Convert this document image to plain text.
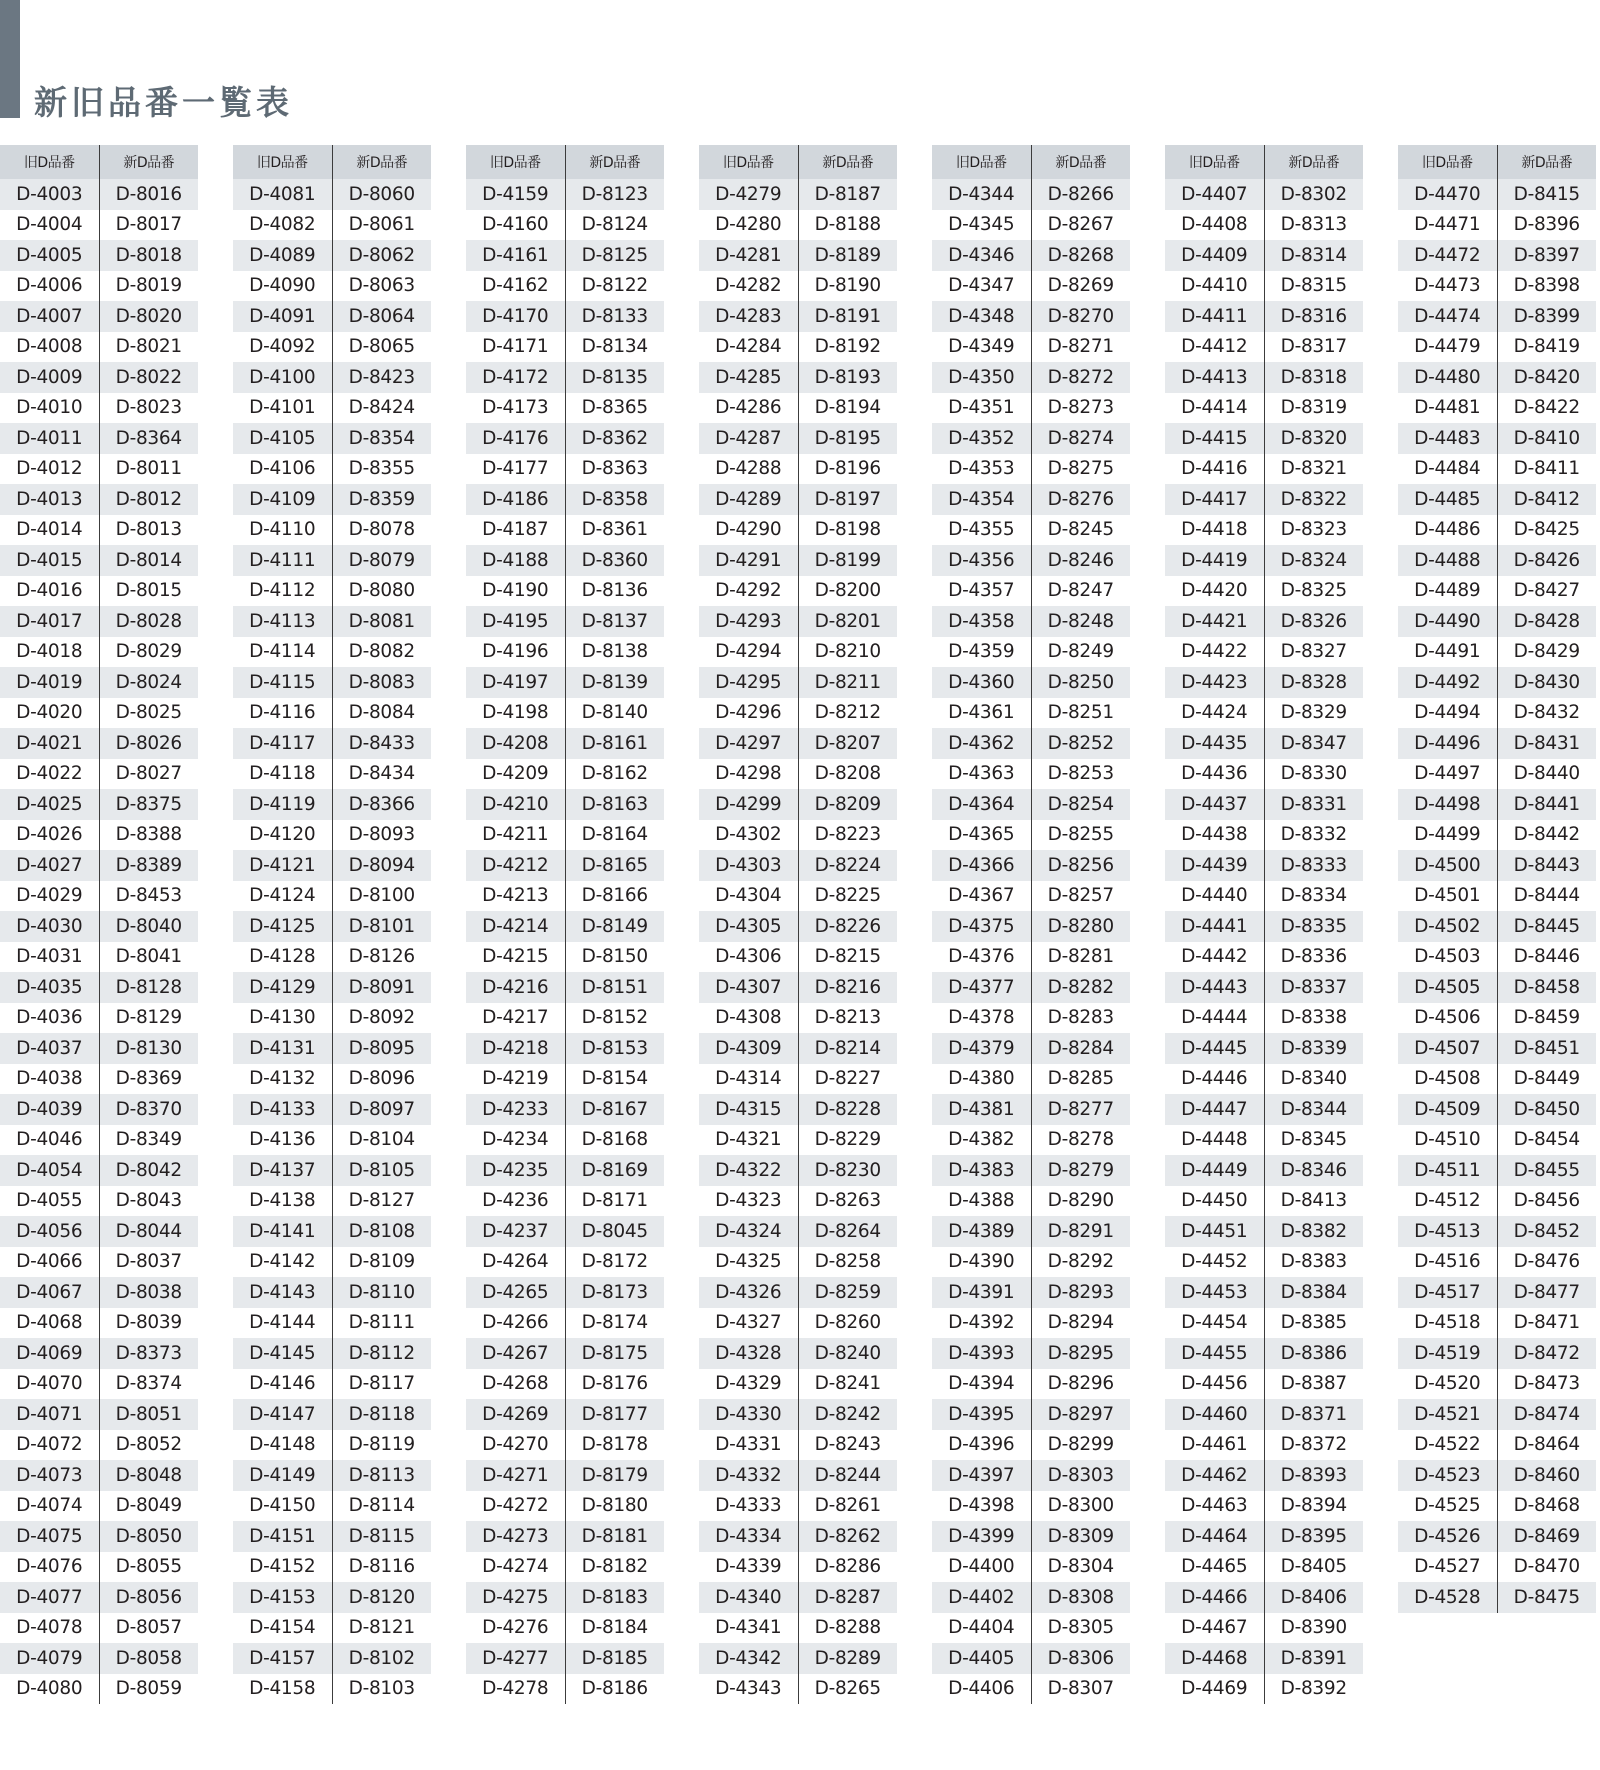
新旧品番一覧表
旧D品番	新D品番
D-4003	D-8016
D-4004	D-8017
D-4005	D-8018
D-4006	D-8019
D-4007	D-8020
D-4008	D-8021
D-4009	D-8022
D-4010	D-8023
D-4011	D-8364
D-4012	D-8011
D-4013	D-8012
D-4014	D-8013
D-4015	D-8014
D-4016	D-8015
D-4017	D-8028
D-4018	D-8029
D-4019	D-8024
D-4020	D-8025
D-4021	D-8026
D-4022	D-8027
D-4025	D-8375
D-4026	D-8388
D-4027	D-8389
D-4029	D-8453
D-4030	D-8040
D-4031	D-8041
D-4035	D-8128
D-4036	D-8129
D-4037	D-8130
D-4038	D-8369
D-4039	D-8370
D-4046	D-8349
D-4054	D-8042
D-4055	D-8043
D-4056	D-8044
D-4066	D-8037
D-4067	D-8038
D-4068	D-8039
D-4069	D-8373
D-4070	D-8374
D-4071	D-8051
D-4072	D-8052
D-4073	D-8048
D-4074	D-8049
D-4075	D-8050
D-4076	D-8055
D-4077	D-8056
D-4078	D-8057
D-4079	D-8058
D-4080	D-8059
旧D品番	新D品番
D-4081	D-8060
D-4082	D-8061
D-4089	D-8062
D-4090	D-8063
D-4091	D-8064
D-4092	D-8065
D-4100	D-8423
D-4101	D-8424
D-4105	D-8354
D-4106	D-8355
D-4109	D-8359
D-4110	D-8078
D-4111	D-8079
D-4112	D-8080
D-4113	D-8081
D-4114	D-8082
D-4115	D-8083
D-4116	D-8084
D-4117	D-8433
D-4118	D-8434
D-4119	D-8366
D-4120	D-8093
D-4121	D-8094
D-4124	D-8100
D-4125	D-8101
D-4128	D-8126
D-4129	D-8091
D-4130	D-8092
D-4131	D-8095
D-4132	D-8096
D-4133	D-8097
D-4136	D-8104
D-4137	D-8105
D-4138	D-8127
D-4141	D-8108
D-4142	D-8109
D-4143	D-8110
D-4144	D-8111
D-4145	D-8112
D-4146	D-8117
D-4147	D-8118
D-4148	D-8119
D-4149	D-8113
D-4150	D-8114
D-4151	D-8115
D-4152	D-8116
D-4153	D-8120
D-4154	D-8121
D-4157	D-8102
D-4158	D-8103
旧D品番	新D品番
D-4159	D-8123
D-4160	D-8124
D-4161	D-8125
D-4162	D-8122
D-4170	D-8133
D-4171	D-8134
D-4172	D-8135
D-4173	D-8365
D-4176	D-8362
D-4177	D-8363
D-4186	D-8358
D-4187	D-8361
D-4188	D-8360
D-4190	D-8136
D-4195	D-8137
D-4196	D-8138
D-4197	D-8139
D-4198	D-8140
D-4208	D-8161
D-4209	D-8162
D-4210	D-8163
D-4211	D-8164
D-4212	D-8165
D-4213	D-8166
D-4214	D-8149
D-4215	D-8150
D-4216	D-8151
D-4217	D-8152
D-4218	D-8153
D-4219	D-8154
D-4233	D-8167
D-4234	D-8168
D-4235	D-8169
D-4236	D-8171
D-4237	D-8045
D-4264	D-8172
D-4265	D-8173
D-4266	D-8174
D-4267	D-8175
D-4268	D-8176
D-4269	D-8177
D-4270	D-8178
D-4271	D-8179
D-4272	D-8180
D-4273	D-8181
D-4274	D-8182
D-4275	D-8183
D-4276	D-8184
D-4277	D-8185
D-4278	D-8186
旧D品番	新D品番
D-4279	D-8187
D-4280	D-8188
D-4281	D-8189
D-4282	D-8190
D-4283	D-8191
D-4284	D-8192
D-4285	D-8193
D-4286	D-8194
D-4287	D-8195
D-4288	D-8196
D-4289	D-8197
D-4290	D-8198
D-4291	D-8199
D-4292	D-8200
D-4293	D-8201
D-4294	D-8210
D-4295	D-8211
D-4296	D-8212
D-4297	D-8207
D-4298	D-8208
D-4299	D-8209
D-4302	D-8223
D-4303	D-8224
D-4304	D-8225
D-4305	D-8226
D-4306	D-8215
D-4307	D-8216
D-4308	D-8213
D-4309	D-8214
D-4314	D-8227
D-4315	D-8228
D-4321	D-8229
D-4322	D-8230
D-4323	D-8263
D-4324	D-8264
D-4325	D-8258
D-4326	D-8259
D-4327	D-8260
D-4328	D-8240
D-4329	D-8241
D-4330	D-8242
D-4331	D-8243
D-4332	D-8244
D-4333	D-8261
D-4334	D-8262
D-4339	D-8286
D-4340	D-8287
D-4341	D-8288
D-4342	D-8289
D-4343	D-8265
旧D品番	新D品番
D-4344	D-8266
D-4345	D-8267
D-4346	D-8268
D-4347	D-8269
D-4348	D-8270
D-4349	D-8271
D-4350	D-8272
D-4351	D-8273
D-4352	D-8274
D-4353	D-8275
D-4354	D-8276
D-4355	D-8245
D-4356	D-8246
D-4357	D-8247
D-4358	D-8248
D-4359	D-8249
D-4360	D-8250
D-4361	D-8251
D-4362	D-8252
D-4363	D-8253
D-4364	D-8254
D-4365	D-8255
D-4366	D-8256
D-4367	D-8257
D-4375	D-8280
D-4376	D-8281
D-4377	D-8282
D-4378	D-8283
D-4379	D-8284
D-4380	D-8285
D-4381	D-8277
D-4382	D-8278
D-4383	D-8279
D-4388	D-8290
D-4389	D-8291
D-4390	D-8292
D-4391	D-8293
D-4392	D-8294
D-4393	D-8295
D-4394	D-8296
D-4395	D-8297
D-4396	D-8299
D-4397	D-8303
D-4398	D-8300
D-4399	D-8309
D-4400	D-8304
D-4402	D-8308
D-4404	D-8305
D-4405	D-8306
D-4406	D-8307
旧D品番	新D品番
D-4407	D-8302
D-4408	D-8313
D-4409	D-8314
D-4410	D-8315
D-4411	D-8316
D-4412	D-8317
D-4413	D-8318
D-4414	D-8319
D-4415	D-8320
D-4416	D-8321
D-4417	D-8322
D-4418	D-8323
D-4419	D-8324
D-4420	D-8325
D-4421	D-8326
D-4422	D-8327
D-4423	D-8328
D-4424	D-8329
D-4435	D-8347
D-4436	D-8330
D-4437	D-8331
D-4438	D-8332
D-4439	D-8333
D-4440	D-8334
D-4441	D-8335
D-4442	D-8336
D-4443	D-8337
D-4444	D-8338
D-4445	D-8339
D-4446	D-8340
D-4447	D-8344
D-4448	D-8345
D-4449	D-8346
D-4450	D-8413
D-4451	D-8382
D-4452	D-8383
D-4453	D-8384
D-4454	D-8385
D-4455	D-8386
D-4456	D-8387
D-4460	D-8371
D-4461	D-8372
D-4462	D-8393
D-4463	D-8394
D-4464	D-8395
D-4465	D-8405
D-4466	D-8406
D-4467	D-8390
D-4468	D-8391
D-4469	D-8392
旧D品番	新D品番
D-4470	D-8415
D-4471	D-8396
D-4472	D-8397
D-4473	D-8398
D-4474	D-8399
D-4479	D-8419
D-4480	D-8420
D-4481	D-8422
D-4483	D-8410
D-4484	D-8411
D-4485	D-8412
D-4486	D-8425
D-4488	D-8426
D-4489	D-8427
D-4490	D-8428
D-4491	D-8429
D-4492	D-8430
D-4494	D-8432
D-4496	D-8431
D-4497	D-8440
D-4498	D-8441
D-4499	D-8442
D-4500	D-8443
D-4501	D-8444
D-4502	D-8445
D-4503	D-8446
D-4505	D-8458
D-4506	D-8459
D-4507	D-8451
D-4508	D-8449
D-4509	D-8450
D-4510	D-8454
D-4511	D-8455
D-4512	D-8456
D-4513	D-8452
D-4516	D-8476
D-4517	D-8477
D-4518	D-8471
D-4519	D-8472
D-4520	D-8473
D-4521	D-8474
D-4522	D-8464
D-4523	D-8460
D-4525	D-8468
D-4526	D-8469
D-4527	D-8470
D-4528	D-8475
